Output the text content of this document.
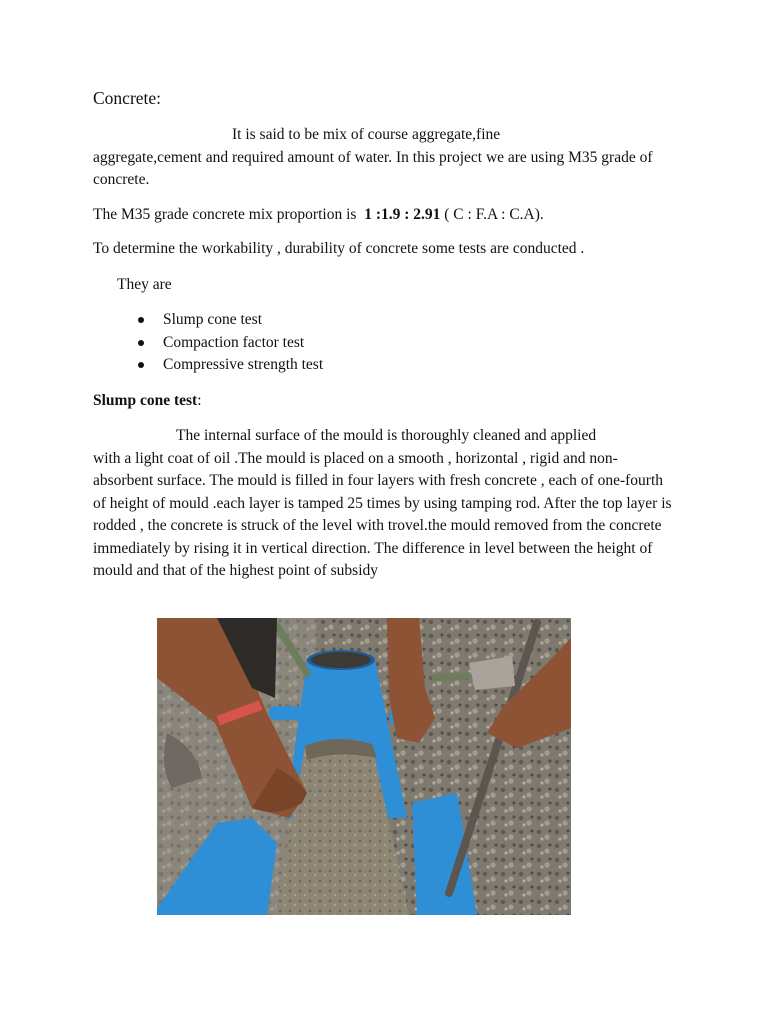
Concrete:
It is said to be mix of course aggregate,fine
aggregate,cement and required amount of water. In this project we are using M35 grade of concrete.
The M35 grade concrete mix proportion is 1 :1.9 : 2.91 ( C : F.A : C.A).
To determine the workability , durability of concrete some tests are conducted .
They are
Slump cone test
Compaction factor test
Compressive strength test
Slump cone test:
The internal surface of the mould is thoroughly cleaned and applied
with a light coat of oil .The mould is placed on a smooth , horizontal , rigid and non-absorbent surface. The mould is filled in four layers with fresh concrete , each of one-fourth of height of mould .each layer is tamped 25 times by using tamping rod. After the top layer is rodded , the concrete is struck of the level with trovel.the mould removed from the concrete immediately by rising it in vertical direction. The difference in level between the height of mould and that of the highest point of subsidy
